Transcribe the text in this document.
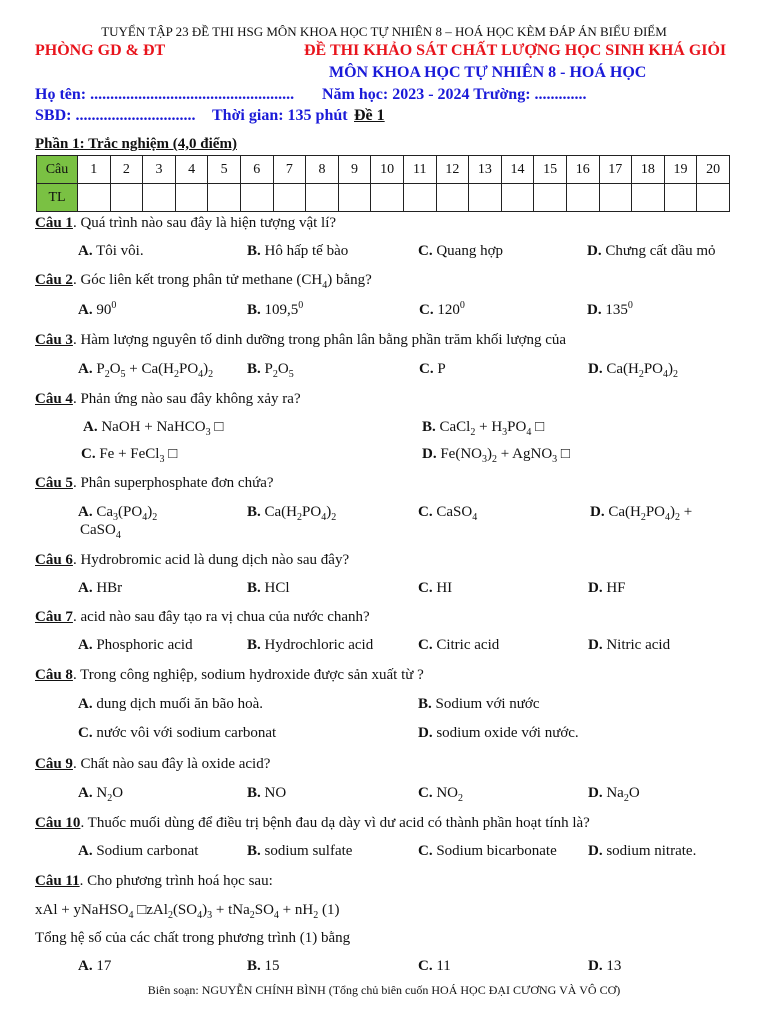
TUYỂN TẬP 23 ĐỀ THI HSG MÔN KHOA HỌC TỰ NHIÊN 8 – HOÁ HỌC KÈM ĐÁP ÁN BIỂU ĐIỂM
PHÒNG GD & ĐT	ĐỀ THI KHẢO SÁT CHẤT LƯỢNG HỌC SINH KHÁ GIỎI
MÔN KHOA HỌC TỰ NHIÊN 8 - HOÁ HỌC
Họ tên: ................................................... Năm học: 2023 - 2024 Trường: .............
SBD: .............................. Thời gian: 135 phút Đề 1
Phần 1: Trắc nghiệm (4,0 điểm)
Câu	1	2	3	4	5	6	7	8	9	10	11	12	13	14	15	16	17	18	19	20
TL																				
Câu 1. Quá trình nào sau đây là hiện tượng vật lí?
A. Tôi vôi.	B. Hô hấp tế bào	C. Quang hợp	D. Chưng cất dầu mỏ
Câu 2. Góc liên kết trong phân tử methane $(CH_4)$ bằng?
A. $90^0$	B. 109,5$^0$	C. $120^0$	D. $135^0$
Câu 3. Hàm lượng nguyên tố dinh dưỡng trong phân lân bằng phần trăm khối lượng của
A. $P_2O_5 + Ca(H_2PO_4)_2$ B. $P_2O_5$	C. P	D. $Ca(H_2PO_4)_2$
Câu 4. Phản ứng nào sau đây không xảy ra?
A. NaOH + NaHCO$_3$ □	B. CaCl$_2$ + $H_3PO_4$ □
C. Fe + FeCl$_3$ □	D. $Fe(NO_3)_2$ + AgNO$_3$ □
Câu 5. Phân superphosphate đơn chứa?
A. $Ca_3(PO_4)_2$	B. $Ca(H_2PO_4)_2$	C. CaSO$_4$	D. $Ca(H_2PO_4)_2$ +
CaSO$_4$
Câu 6. Hydrobromic acid là dung dịch nào sau đây?
A. HBr	B. HCl	C. HI	D. HF
Câu 7. acid nào sau đây tạo ra vị chua của nước chanh?
A. Phosphoric acid	B. Hydrochloric acid	C. Citric acid	D. Nitric acid
Câu 8. Trong công nghiệp, sodium hydroxide được sản xuất từ ?
A. dung dịch muối ăn bão hoà.	B. Sodium với nước
C. nước vôi với sodium carbonat	D. sodium oxide với nước.
Câu 9. Chất nào sau đây là oxide acid?
A. $N_2O$	B. NO	C. $NO_2$	D. $Na_2O$
Câu 10. Thuốc muối dùng để điều trị bệnh đau dạ dày vì dư acid có thành phần hoạt tính là?
A. Sodium carbonat	B. sodium sulfate	C. Sodium bicarbonate D. sodium nitrate.
Câu 11. Cho phương trình hoá học sau:
xAl + yNaHSO$_4$ $□zAl_2(SO_4)_3 + tNa_2SO_4 + nH_2$ (1)
Tổng hệ số của các chất trong phương trình (1) bằng
A. 17	B. 15	C. 11	D. 13
Biên soạn: NGUYỄN CHÍNH BÌNH (Tổng chủ biên cuốn HOÁ HỌC ĐẠI CƯƠNG VÀ VÔ CƠ)
